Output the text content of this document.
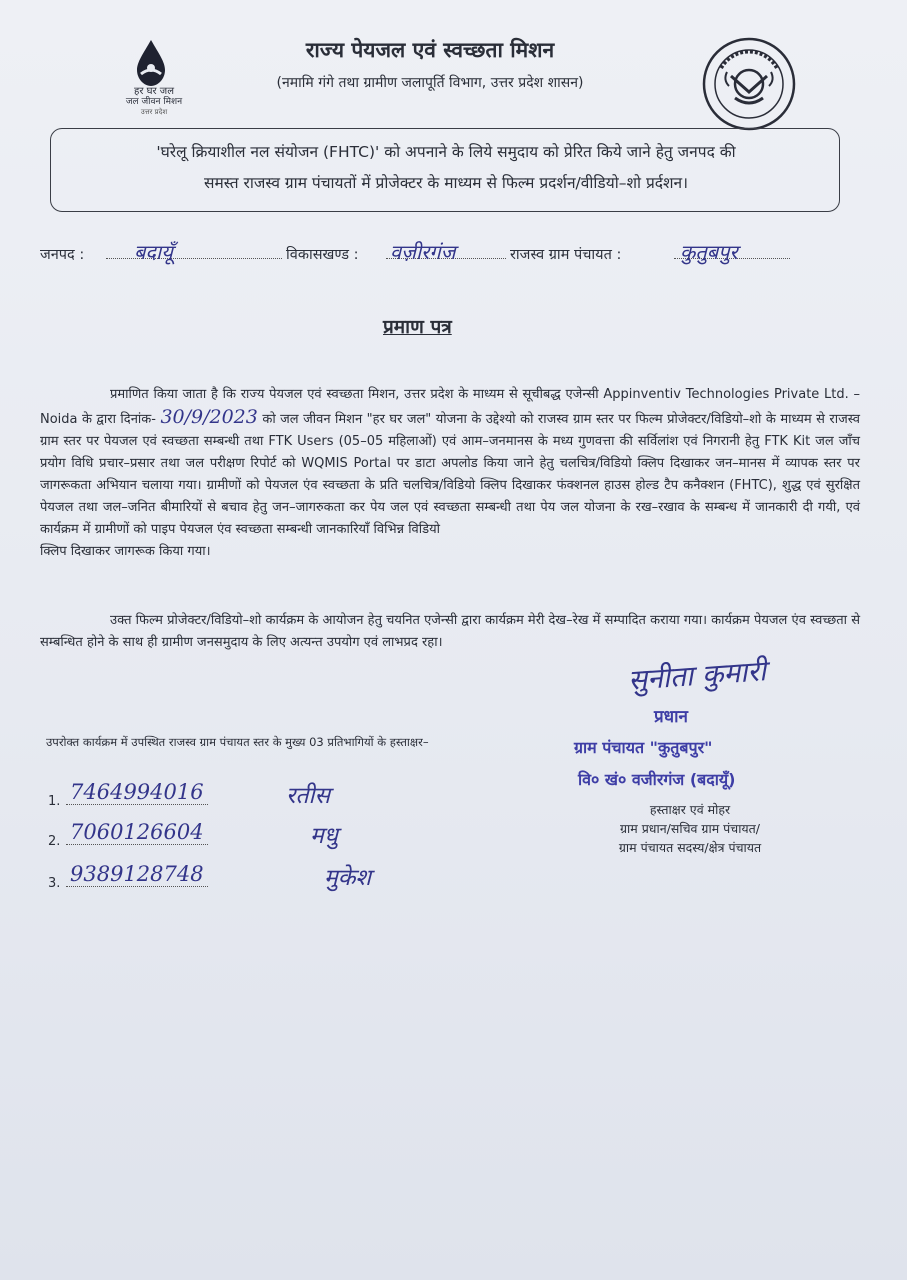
हर घर जल
जल जीवन मिशन
उत्तर प्रदेश
राज्य पेयजल एवं स्वच्छता मिशन
(नमामि गंगे तथा ग्रामीण जलापूर्ति विभाग, उत्तर प्रदेश शासन)
'घरेलू क्रियाशील नल संयोजन (FHTC)' को अपनाने के लिये समुदाय को प्रेरित किये जाने हेतु जनपद की
समस्त राजस्व ग्राम पंचायतों में प्रोजेक्टर के माध्यम से फिल्म प्रदर्शन/वीडियो–शो प्रर्दशन।
जनपद : बदायूँ	विकासखण्ड : वज़ीरगंज	राजस्व ग्राम पंचायत :	कुतुबपुर
प्रमाण पत्र
प्रमाणित किया जाता है कि राज्य पेयजल एवं स्वच्छता मिशन, उत्तर प्रदेश के माध्यम से सूचीबद्ध एजेन्सी Appinventiv Technologies Private Ltd. – Noida के द्वारा दिनांक- 30/9/2023 को जल जीवन मिशन "हर घर जल" योजना के उद्देश्यो को राजस्व ग्राम स्तर पर फिल्म प्रोजेक्टर/विडियो–शो के माध्यम से राजस्व ग्राम स्तर पर पेयजल एवं स्वच्छता सम्बन्धी तथा FTK Users (05–05 महिलाओं) एवं आम–जनमानस के मध्य गुणवत्ता की सर्विलांश एवं निगरानी हेतु FTK Kit जल जाँच प्रयोग विधि प्रचार–प्रसार तथा जल परीक्षण रिपोर्ट को WQMIS Portal पर डाटा अपलोड किया जाने हेतु चलचित्र/विडियो क्लिप दिखाकर जन–मानस में व्यापक स्तर पर जागरूकता अभियान चलाया गया। ग्रामीणों को पेयजल एंव स्वच्छता के प्रति चलचित्र/विडियो क्लिप दिखाकर फंक्शनल हाउस होल्ड टैप कनैक्शन (FHTC), शुद्ध एवं सुरक्षित पेयजल तथा जल–जनित बीमारियों से बचाव हेतु जन–जागरुकता कर पेय जल एवं स्वच्छता सम्बन्धी तथा पेय जल योजना के रख–रखाव के सम्बन्ध में जानकारी दी गयी, एवं कार्यक्रम में ग्रामीणों को पाइप पेयजल एंव स्वच्छता सम्बन्धी जानकारियाँ विभिन्न विडियो
क्लिप दिखाकर जागरूक किया गया।
उक्त फिल्म प्रोजेक्टर/विडियो–शो कार्यक्रम के आयोजन हेतु चयनित एजेन्सी द्वारा कार्यक्रम मेरी देख–रेख में सम्पादित कराया गया। कार्यक्रम पेयजल एंव स्वच्छता से सम्बन्धित होने के साथ ही ग्रामीण जनसमुदाय के लिए अत्यन्त उपयोग एवं लाभप्रद रहा।
सुनीता कुमारी
प्रधान
ग्राम पंचायत "कुतुबपुर"
वि० खं० वजीरगंज (बदायूँ)
हस्ताक्षर एवं मोहर
ग्राम प्रधान/सचिव ग्राम पंचायत/
ग्राम पंचायत सदस्य/क्षेत्र पंचायत
उपरोक्त कार्यक्रम में उपस्थित राजस्व ग्राम पंचायत स्तर के मुख्य 03 प्रतिभागियों के हस्ताक्षर–
1. 7464994016	रतीस
2. 7060126604	मधु
3. 9389128748	मुकेश
